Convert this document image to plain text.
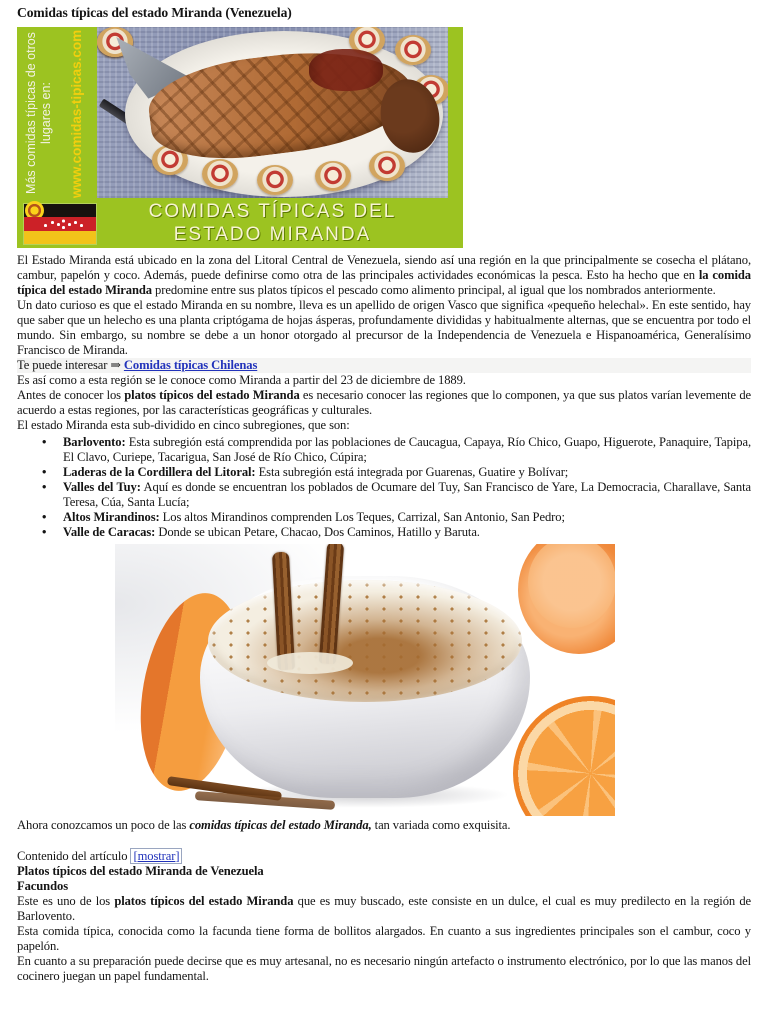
Comidas típicas del estado Miranda (Venezuela)
Más comidas típicas de otros lugares en:	www.comidas-tipicas.com
COMIDAS TÍPICAS DEL
ESTADO MIRANDA

El Estado Miranda está ubicado en la zona del Litoral Central de Venezuela, siendo así una región en la que principalmente se cosecha el plátano, cambur, papelón y coco. Además, puede definirse como otra de las principales actividades económicas la pesca. Esto ha hecho que en la comida típica del estado Miranda predomine entre sus platos típicos el pescado como alimento principal, al igual que los nombrados anteriormente.

Un dato curioso es que el estado Miranda en su nombre, lleva es un apellido de origen Vasco que significa «pequeño helechal». En este sentido, hay que saber que un helecho es una planta criptógama de hojas ásperas, profundamente divididas y habitualmente alternas, que se encuentra por todo el mundo. Sin embargo, su nombre se debe a un honor otorgado al precursor de la Independencia de Venezuela e Hispanoamérica, Generalísimo Francisco de Miranda.

Te puede interesar ⇒ Comidas típicas Chilenas

Es así como a esta región se le conoce como Miranda a partir del 23 de diciembre de 1889.

Antes de conocer los platos típicos del estado Miranda es necesario conocer las regiones que lo componen, ya que sus platos varían levemente de acuerdo a estas regiones, por las características geográficas y culturales.

El estado Miranda esta sub-dividido en cinco subregiones, que son:

•	Barlovento: Esta subregión está comprendida por las poblaciones de Caucagua, Capaya, Río Chico, Guapo, Higuerote, Panaquire, Tapipa, El Clavo, Curiepe, Tacarigua, San José de Río Chico, Cúpira;
•	Laderas de la Cordillera del Litoral: Esta subregión está integrada por Guarenas, Guatire y Bolívar;
•	Valles del Tuy: Aquí es donde se encuentran los poblados de Ocumare del Tuy, San Francisco de Yare, La Democracia, Charallave, Santa Teresa, Cúa, Santa Lucía;
•	Altos Mirandinos: Los altos Mirandinos comprenden Los Teques, Carrizal, San Antonio, San Pedro;
•	Valle de Caracas: Donde se ubican Petare, Chacao, Dos Caminos, Hatillo y Baruta.

Ahora conozcamos un poco de las comidas típicas del estado Miranda, tan variada como exquisita.

Contenido del artículo [mostrar]

Platos típicos del estado Miranda de Venezuela

Facundos

Este es uno de los platos típicos del estado Miranda que es muy buscado, este consiste en un dulce, el cual es muy predilecto en la región de Barlovento.

Esta comida típica, conocida como la facunda tiene forma de bollitos alargados. En cuanto a sus ingredientes principales son el cambur, coco y papelón.

En cuanto a su preparación puede decirse que es muy artesanal, no es necesario ningún artefacto o instrumento electrónico, por lo que las manos del cocinero juegan un papel fundamental.
